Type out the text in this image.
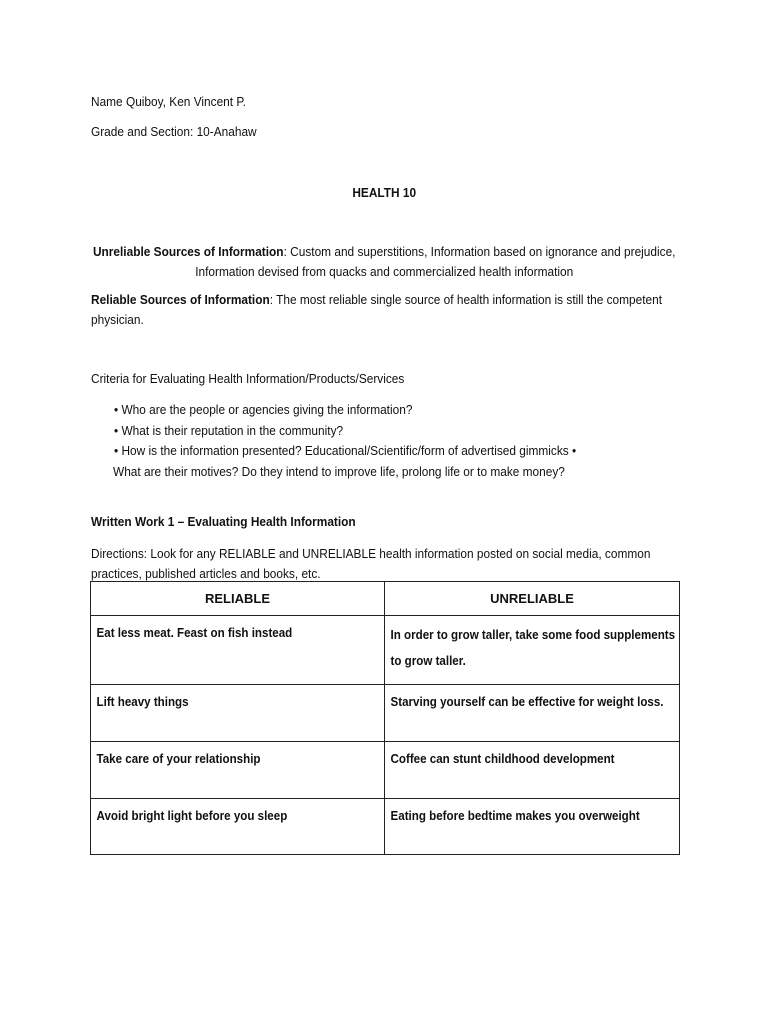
Name Quiboy, Ken Vincent P.
Grade and Section: 10-Anahaw
HEALTH 10
Unreliable Sources of Information: Custom and superstitions, Information based on ignorance and prejudice, Information devised from quacks and commercialized health information
Reliable Sources of Information: The most reliable single source of health information is still the competent physician.
Criteria for Evaluating Health Information/Products/Services
• Who are the people or agencies giving the information?
• What is their reputation in the community?
• How is the information presented? Educational/Scientific/form of advertised gimmicks •
What are their motives? Do they intend to improve life, prolong life or to make money?
Written Work 1 – Evaluating Health Information
Directions: Look for any RELIABLE and UNRELIABLE health information posted on social media, common practices, published articles and books, etc.
RELIABLE	UNRELIABLE

Eat less meat. Feast on fish instead	In order to grow taller, take some food supplements to grow taller.

Lift heavy things	Starving yourself can be effective for weight loss.

Take care of your relationship	Coffee can stunt childhood development

Avoid bright light before you sleep	Eating before bedtime makes you overweight
